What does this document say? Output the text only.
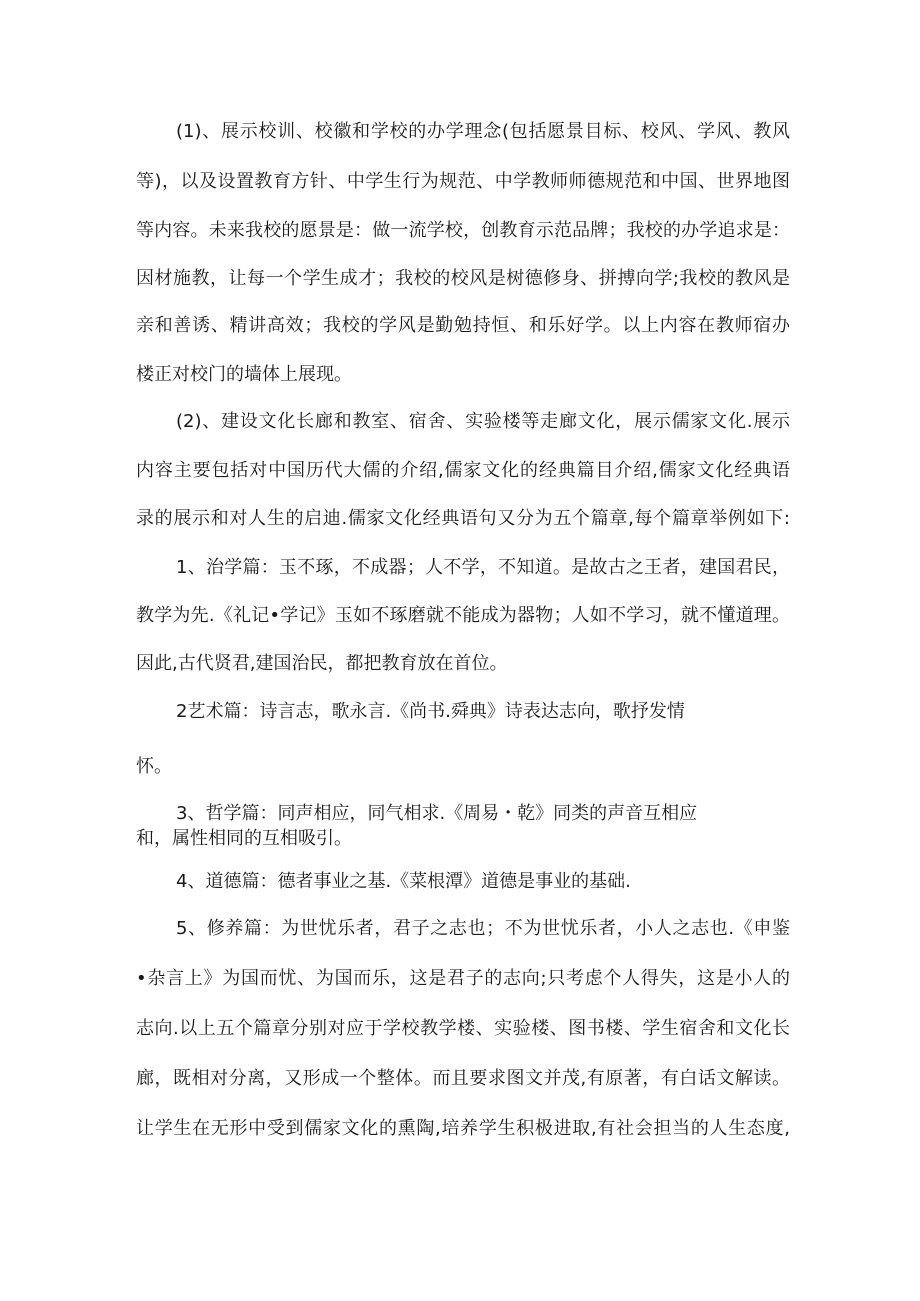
(1)、展示校训、校徽和学校的办学理念(包括愿景目标、校风、学风、教风
等)，以及设置教育方针、中学生行为规范、中学教师师德规范和中国、世界地图
等内容。未来我校的愿景是：做一流学校，创教育示范品牌；我校的办学追求是：
因材施教，让每一个学生成才；我校的校风是树德修身、拼搏向学;我校的教风是
亲和善诱、精讲高效；我校的学风是勤勉持恒、和乐好学。以上内容在教师宿办
楼正对校门的墙体上展现。
(2)、建设文化长廊和教室、宿舍、实验楼等走廊文化，展示儒家文化.展示
内容主要包括对中国历代大儒的介绍,儒家文化的经典篇目介绍,儒家文化经典语
录的展示和对人生的启迪.儒家文化经典语句又分为五个篇章,每个篇章举例如下:
1、治学篇：玉不琢，不成器；人不学，不知道。是故古之王者，建国君民，
教学为先.《礼记•学记》玉如不琢磨就不能成为器物；人如不学习，就不懂道理。
因此,古代贤君,建国治民，都把教育放在首位。
2艺术篇：诗言志，歌永言.《尚书.舜典》诗表达志向，歌抒发情
怀。
3、哲学篇：同声相应，同气相求.《周易・乾》同类的声音互相应
和，属性相同的互相吸引。
4、道德篇：德者事业之基.《菜根潭》道德是事业的基础.
5、修养篇：为世忧乐者，君子之志也；不为世忧乐者，小人之志也.《申鉴
•杂言上》为国而忧、为国而乐，这是君子的志向;只考虑个人得失，这是小人的
志向.以上五个篇章分别对应于学校教学楼、实验楼、图书楼、学生宿舍和文化长
廊，既相对分离，又形成一个整体。而且要求图文并茂,有原著，有白话文解读。
让学生在无形中受到儒家文化的熏陶,培养学生积极进取,有社会担当的人生态度,
